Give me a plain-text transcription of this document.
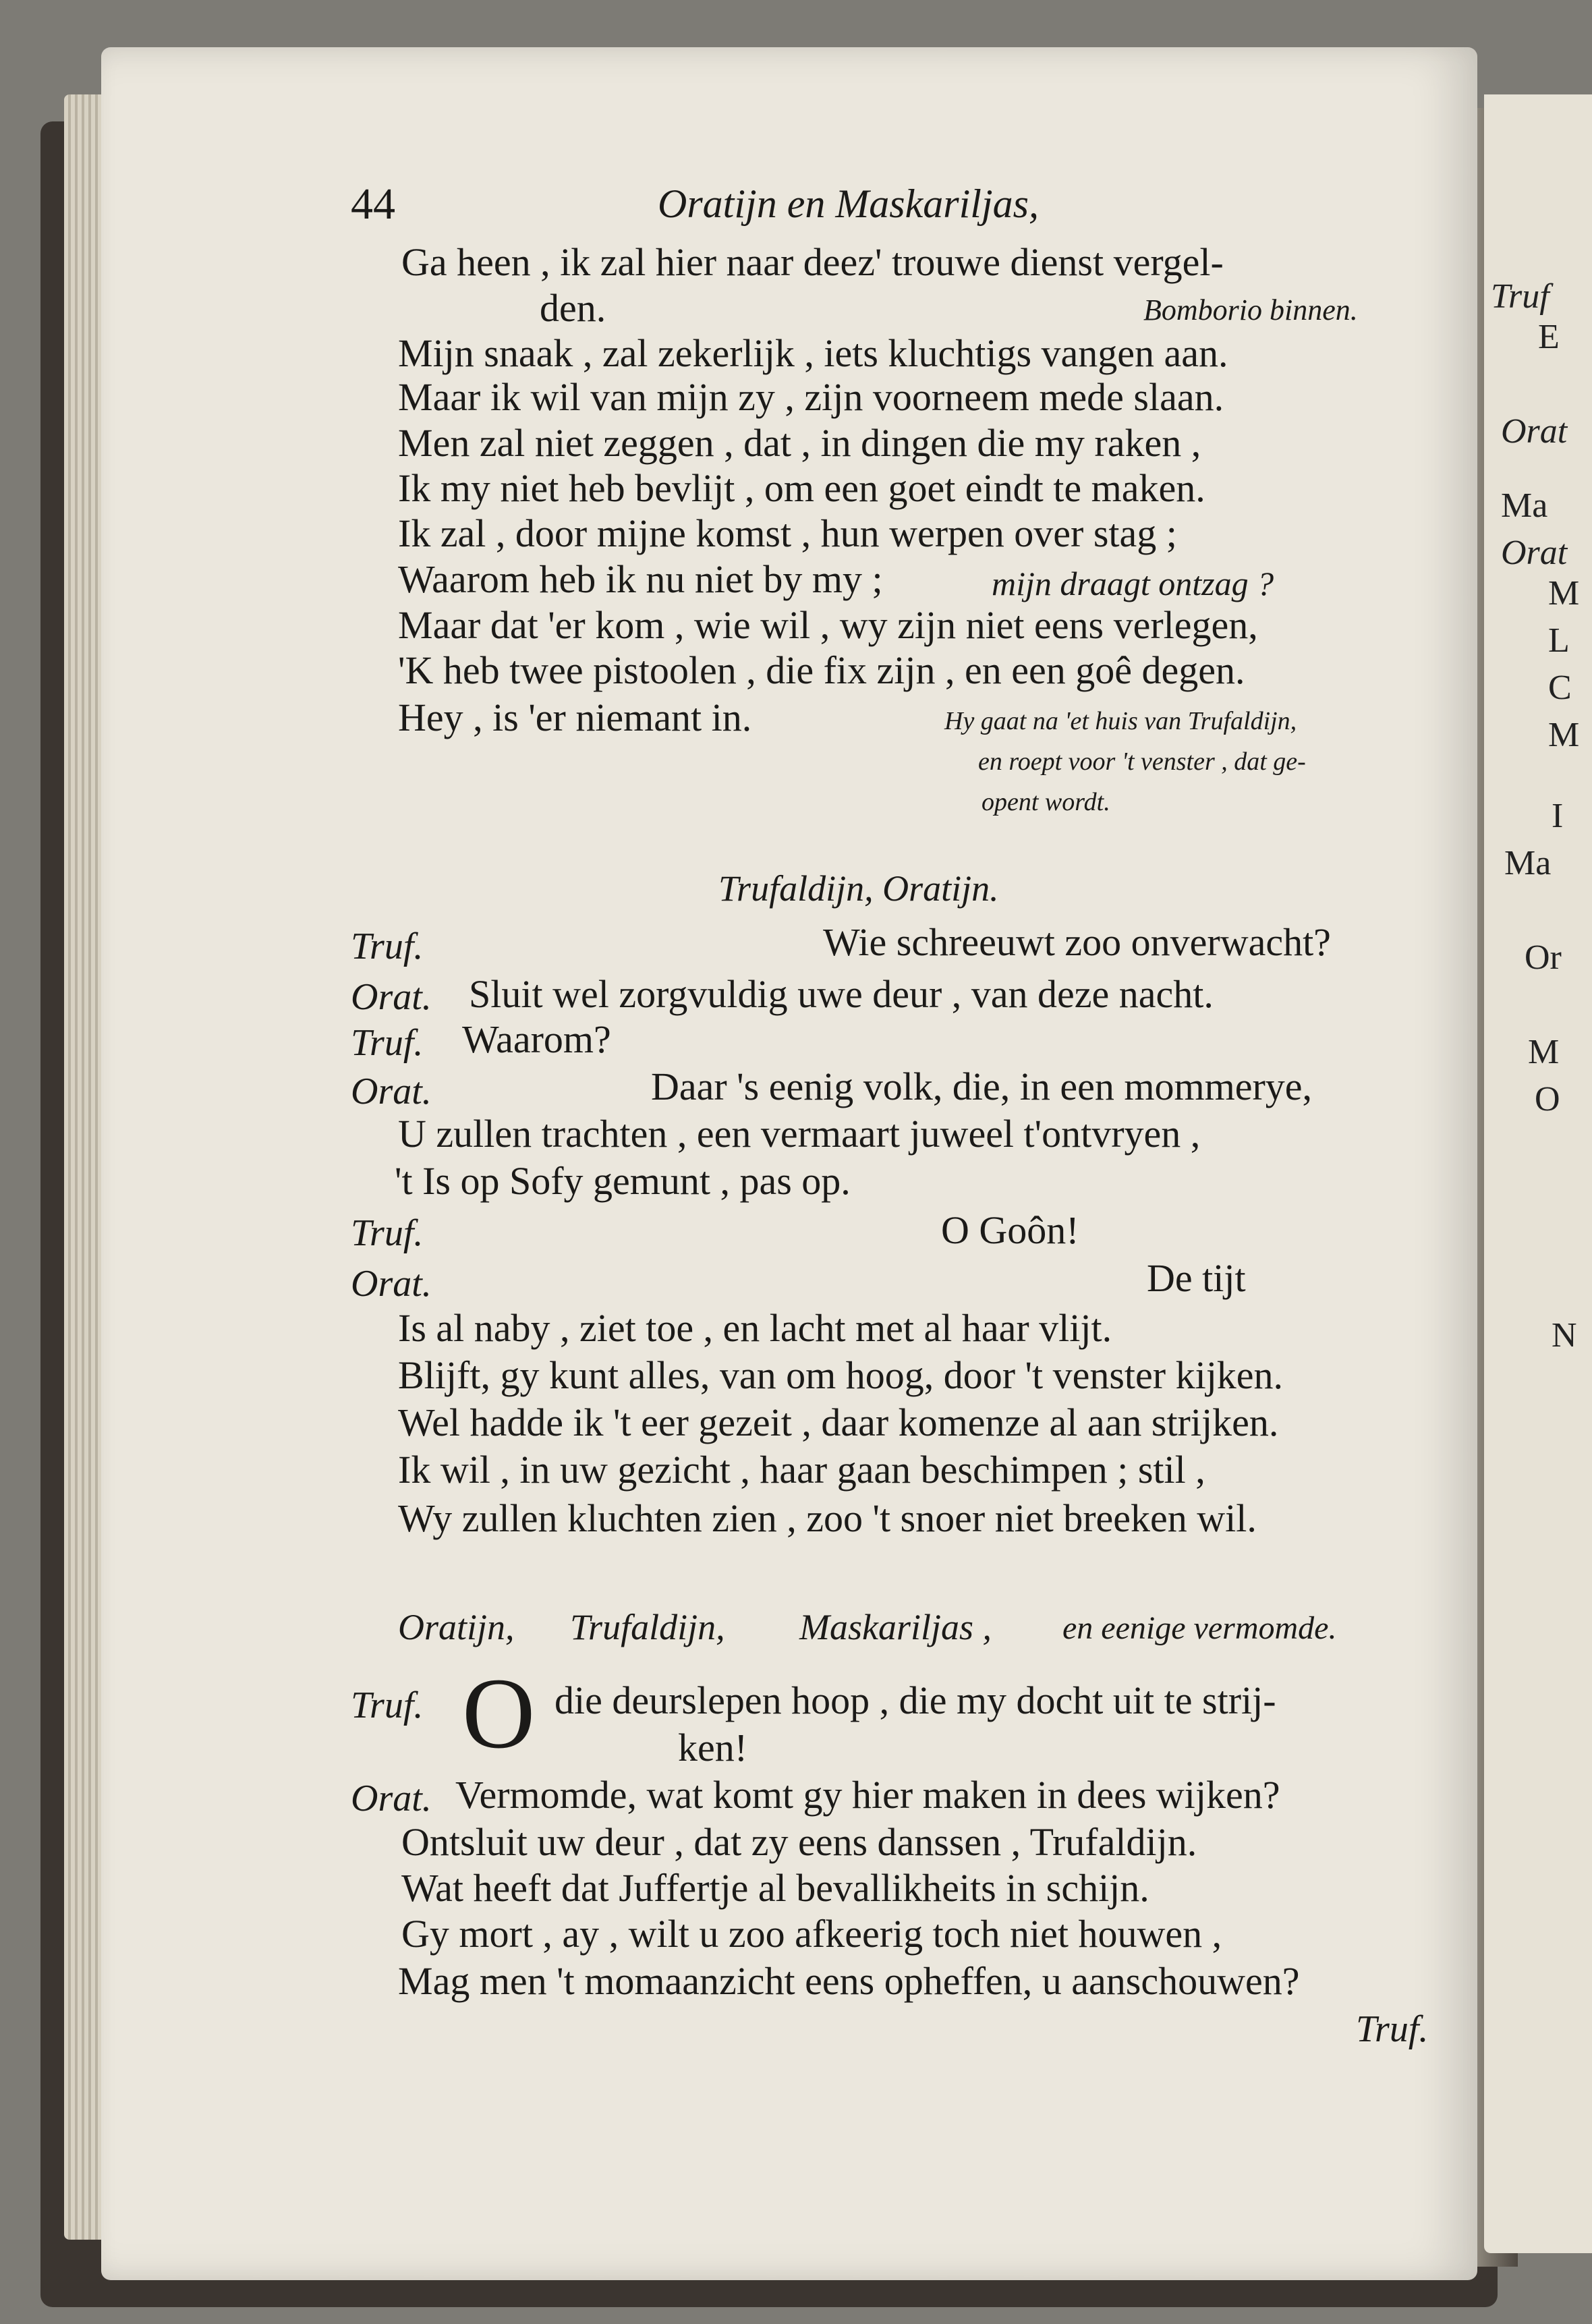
Truf
E
Orat
Ma
Orat
M
L
C
M
I
Ma
Or
M
O
N
44	Oratijn en Maskariljas,
Ga heen , ik zal hier naar deez' trouwe dienst vergel-
den.	Bomborio binnen.
Mijn snaak , zal zekerlijk , iets kluchtigs vangen aan.
Maar ik wil van mijn zy , zijn voorneem mede slaan.
Men zal niet zeggen , dat , in dingen die my raken ,
Ik my niet heb bevlijt , om een goet eindt te maken.
Ik zal , door mijne komst , hun werpen over stag ;
Waarom heb ik nu niet by my ;	mijn draagt ontzag ?
Maar dat 'er kom , wie wil , wy zijn niet eens verlegen,
'K heb twee pistoolen , die fix zijn , en een goê degen.
Hey , is 'er niemant in.	Hy gaat na 'et huis van Trufaldijn,
en roept voor 't venster , dat ge-
opent wordt.
Trufaldijn, Oratijn.
Truf.	Wie schreeuwt zoo onverwacht?
Orat. Sluit wel zorgvuldig uwe deur , van deze nacht.
Truf. Waarom?
Orat.	Daar 's eenig volk, die, in een mommerye,
U zullen trachten , een vermaart juweel t'ontvryen ,
't Is op Sofy gemunt , pas op.
Truf.	O Goôn!
Orat.	De tijt
Is al naby , ziet toe , en lacht met al haar vlijt.
Blijft, gy kunt alles, van om hoog, door 't venster kijken.
Wel hadde ik 't eer gezeit , daar komenze al aan strijken.
Ik wil , in uw gezicht , haar gaan beschimpen ; stil ,
Wy zullen kluchten zien , zoo 't snoer niet breeken wil.
Oratijn, Trufaldijn, Maskariljas , en eenige vermomde.
Truf. O die deurslepen hoop , die my docht uit te strij-
ken!
Orat. Vermomde, wat komt gy hier maken in dees wijken?
Ontsluit uw deur , dat zy eens danssen , Trufaldijn.
Wat heeft dat Juffertje al bevallikheits in schijn.
Gy mort , ay , wilt u zoo afkeerig toch niet houwen ,
Mag men 't momaanzicht eens opheffen, u aanschouwen?
Truf.
